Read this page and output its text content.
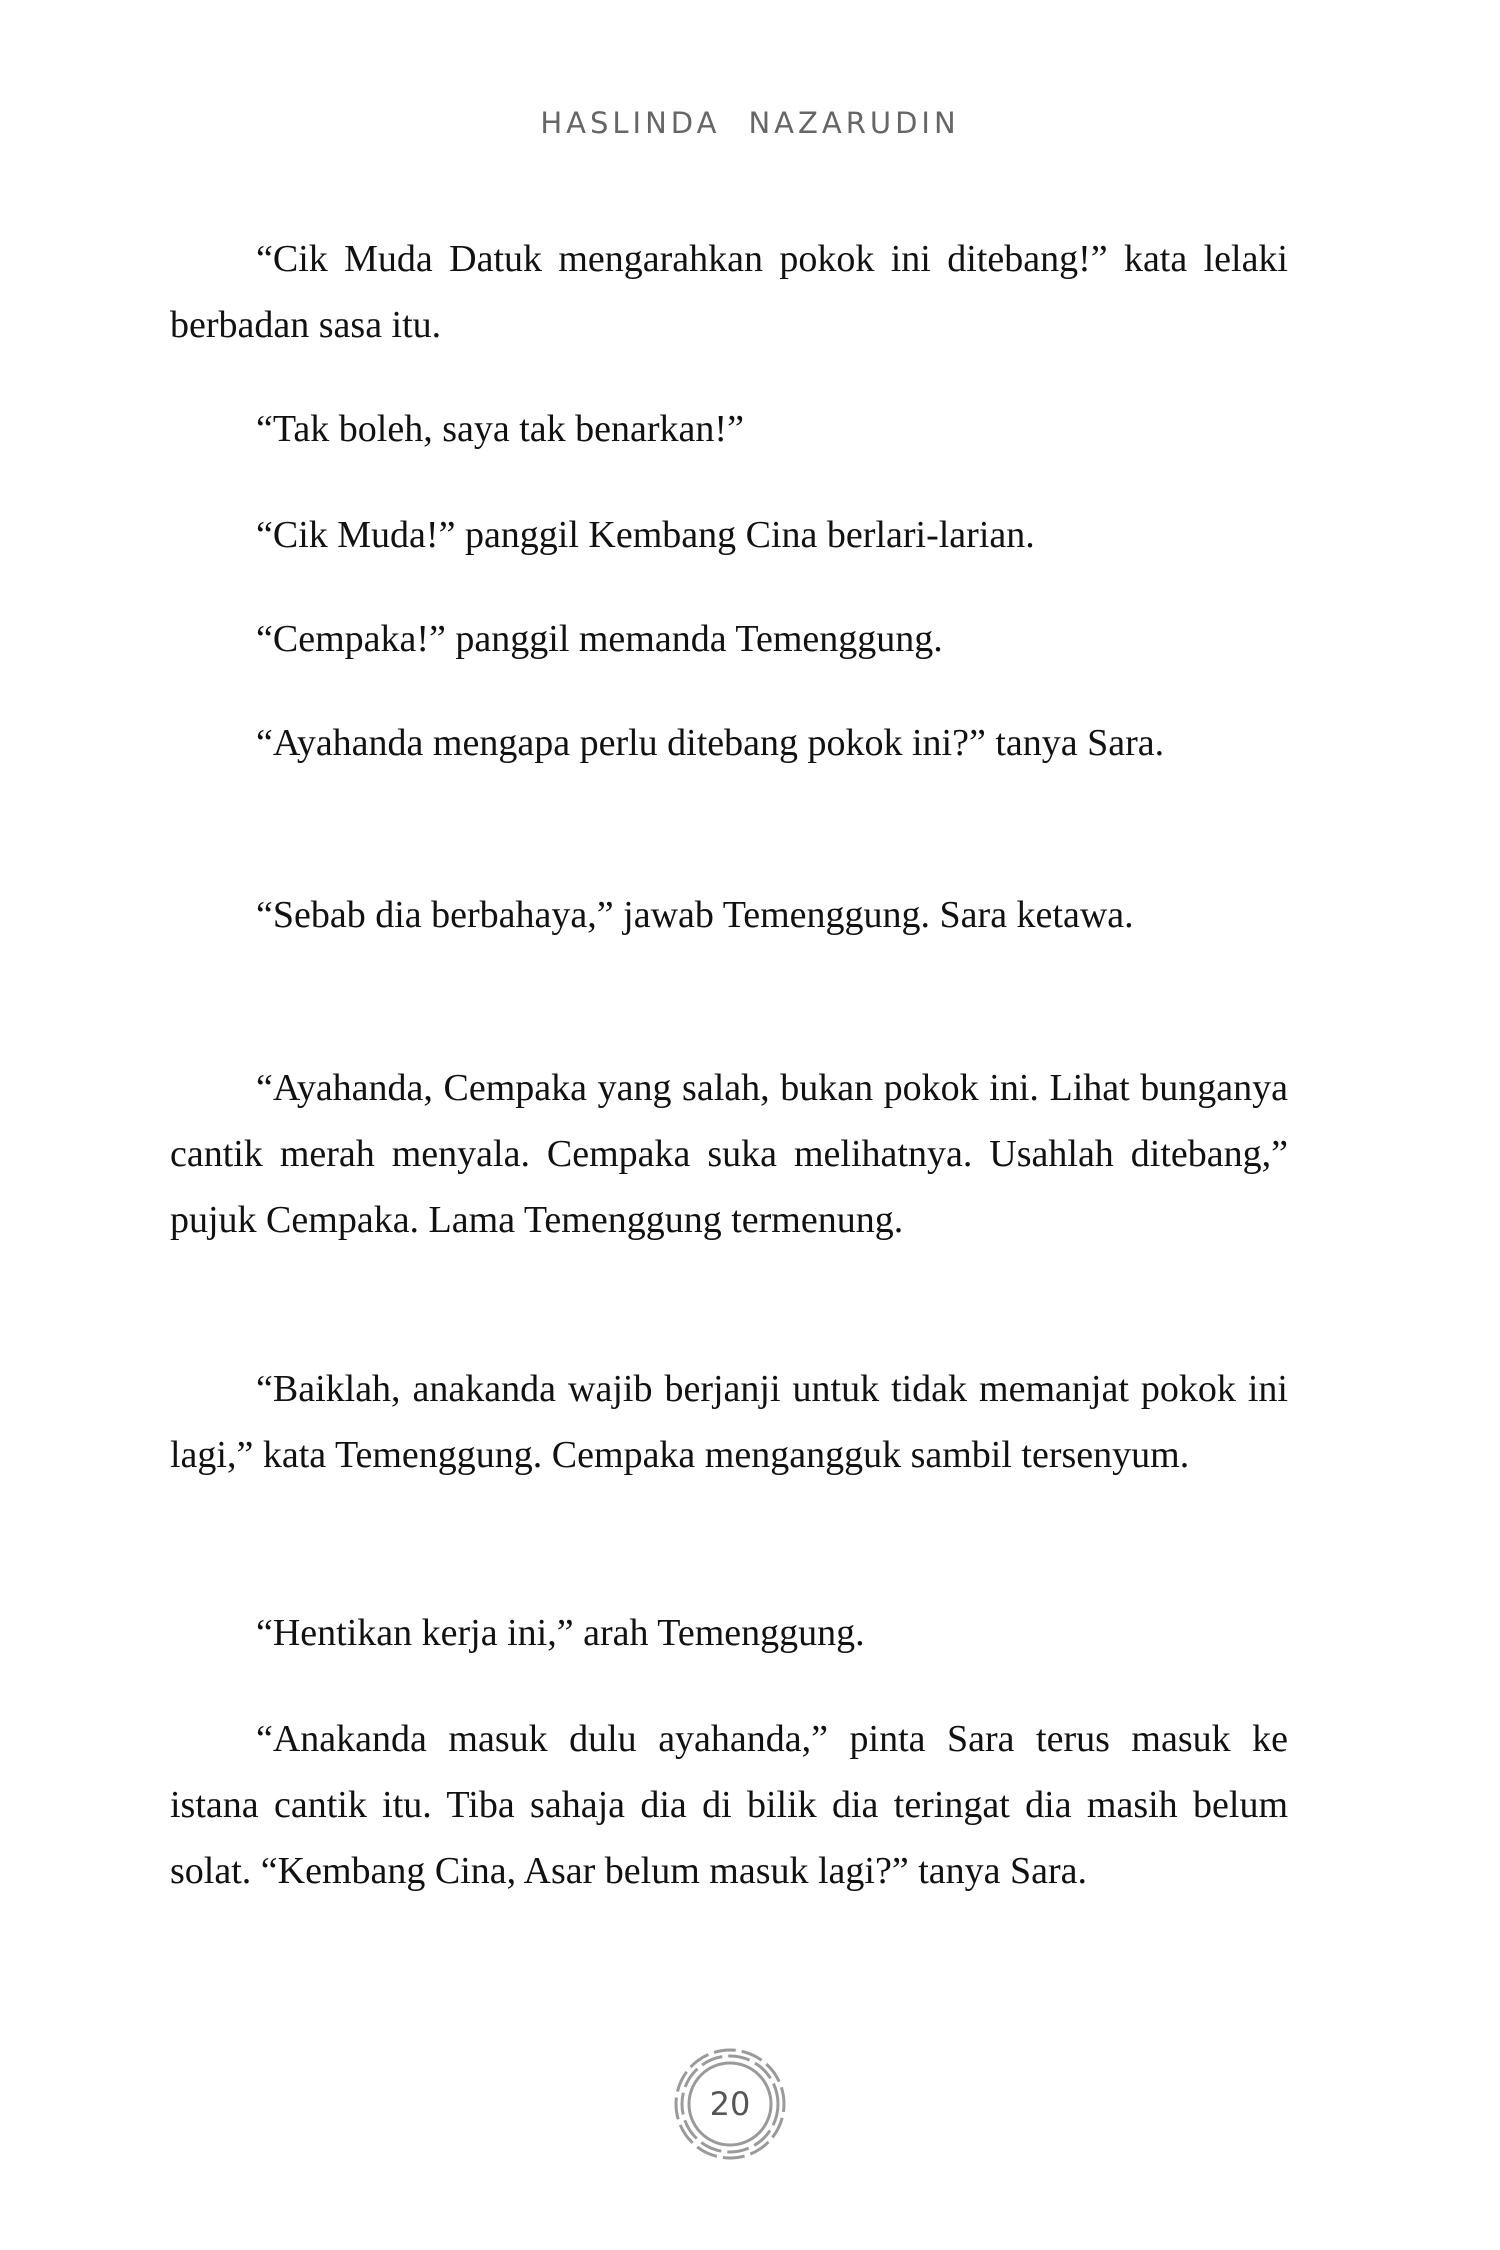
HASLINDA NAZARUDIN

“Cik Muda Datuk mengarahkan pokok ini ditebang!” kata lelaki berbadan sasa itu.

“Tak boleh, saya tak benarkan!”

“Cik Muda!” panggil Kembang Cina berlari-larian.

“Cempaka!” panggil memanda Temenggung.

“Ayahanda mengapa perlu ditebang pokok ini?” tanya Sara.

“Sebab dia berbahaya,” jawab Temenggung. Sara ketawa.

“Ayahanda, Cempaka yang salah, bukan pokok ini. Lihat bunganya cantik merah menyala. Cempaka suka melihatnya. Usahlah ditebang,” pujuk Cempaka. Lama Temenggung termenung.

“Baiklah, anakanda wajib berjanji untuk tidak memanjat pokok ini lagi,” kata Temenggung. Cempaka mengangguk sambil tersenyum.

“Hentikan kerja ini,” arah Temenggung.

“Anakanda masuk dulu ayahanda,” pinta Sara terus masuk ke istana cantik itu. Tiba sahaja dia di bilik dia teringat dia masih belum solat. “Kembang Cina, Asar belum masuk lagi?” tanya Sara.

20
